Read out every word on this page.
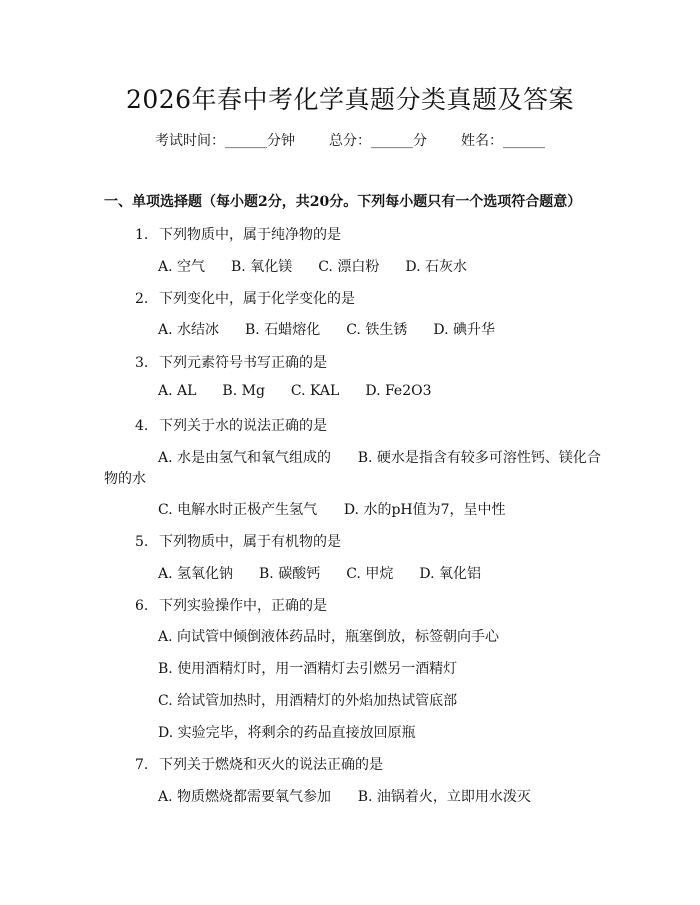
2026年春中考化学真题分类真题及答案
考试时间：______分钟 总分：______分 姓名：______
一、单项选择题（每小题2分，共20分。下列每小题只有一个选项符合题意）
1. 下列物质中，属于纯净物的是
A. 空气 B. 氧化镁 C. 漂白粉 D. 石灰水
2. 下列变化中，属于化学变化的是
A. 水结冰 B. 石蜡熔化 C. 铁生锈 D. 碘升华
3. 下列元素符号书写正确的是
A. AL B. Mg C. KAL D. Fe2O3
4. 下列关于水的说法正确的是
A. 水是由氢气和氧气组成的      B. 硬水是指含有较多可溶性钙、镁化合
物的水
C. 电解水时正极产生氢气      D. 水的pH值为7，呈中性
5. 下列物质中，属于有机物的是
A. 氢氧化钠 B. 碳酸钙 C. 甲烷 D. 氧化铝
6. 下列实验操作中，正确的是
A. 向试管中倾倒液体药品时，瓶塞倒放，标签朝向手心
B. 使用酒精灯时，用一酒精灯去引燃另一酒精灯
C. 给试管加热时，用酒精灯的外焰加热试管底部
D. 实验完毕，将剩余的药品直接放回原瓶
7. 下列关于燃烧和灭火的说法正确的是
A. 物质燃烧都需要氧气参加      B. 油锅着火，立即用水泼灭
